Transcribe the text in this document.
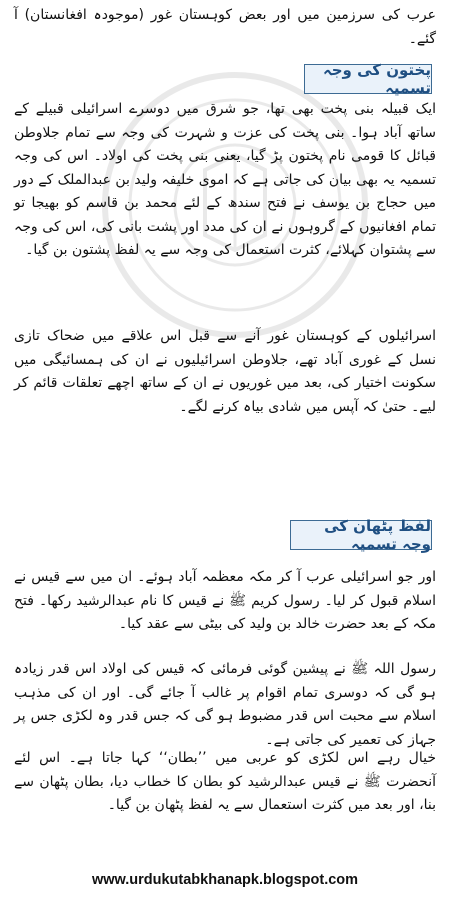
عرب کی سرزمین میں اور بعض کوہستان غور (موجودہ افغانستان) آ گئے۔

پختون کی وجہ تسمیہ

ایک قبیلہ بنی پخت بھی تھا، جو شرق میں دوسرے اسرائیلی قبیلے کے ساتھ آباد ہوا۔ بنی پخت کی عزت و شہرت کی وجہ سے تمام جلاوطن قبائل کا قومی نام پختون پڑ گیا، یعنی بنی پخت کی اولاد۔ اس کی وجہ تسمیہ یہ بھی بیان کی جاتی ہے کہ اموی خلیفہ ولید بن عبدالملک کے دور میں حجاج بن یوسف نے فتح سندھ کے لئے محمد بن قاسم کو بھیجا تو تمام افغانیوں کے گروہوں نے ان کی مدد اور پشت بانی کی، اس کی وجہ سے پشتوان کہلائے، کثرت استعمال کی وجہ سے یہ لفظ پشتون بن گیا۔

اسرائیلوں کے کوہستان غور آنے سے قبل اس علاقے میں ضحاک تازی نسل کے غوری آباد تھے، جلاوطن اسرائیلیوں نے ان کی ہمسائیگی میں سکونت اختیار کی، بعد میں غوریوں نے ان کے ساتھ اچھے تعلقات قائم کر لیے۔ حتیٰ کہ آپس میں شادی بیاہ کرنے لگے۔

لفظ پٹھان کی وجہ تسمیہ

اور جو اسرائیلی عرب آ کر مکہ معظمہ آباد ہوئے۔ ان میں سے قیس نے اسلام قبول کر لیا۔ رسول کریم ﷺ نے قیس کا نام عبدالرشید رکھا۔ فتح مکہ کے بعد حضرت خالد بن ولید کی بیٹی سے عقد کیا۔

رسول اللہ ﷺ نے پیشین گوئی فرمائی کہ قیس کی اولاد اس قدر زیادہ ہو گی کہ دوسری تمام اقوام پر غالب آ جائے گی۔ اور ان کی مذہب اسلام سے محبت اس قدر مضبوط ہو گی کہ جس قدر وہ لکڑی جس پر جہاز کی تعمیر کی جاتی ہے۔

خیال رہے اس لکڑی کو عربی میں ’’بطان‘‘ کہا جاتا ہے۔ اس لئے آنحضرت ﷺ نے قیس عبدالرشید کو بطان کا خطاب دیا، بطان پٹھان سے بنا، اور بعد میں کثرت استعمال سے یہ لفظ پٹھان بن گیا۔

www.urdukutabkhanapk.blogspot.com
